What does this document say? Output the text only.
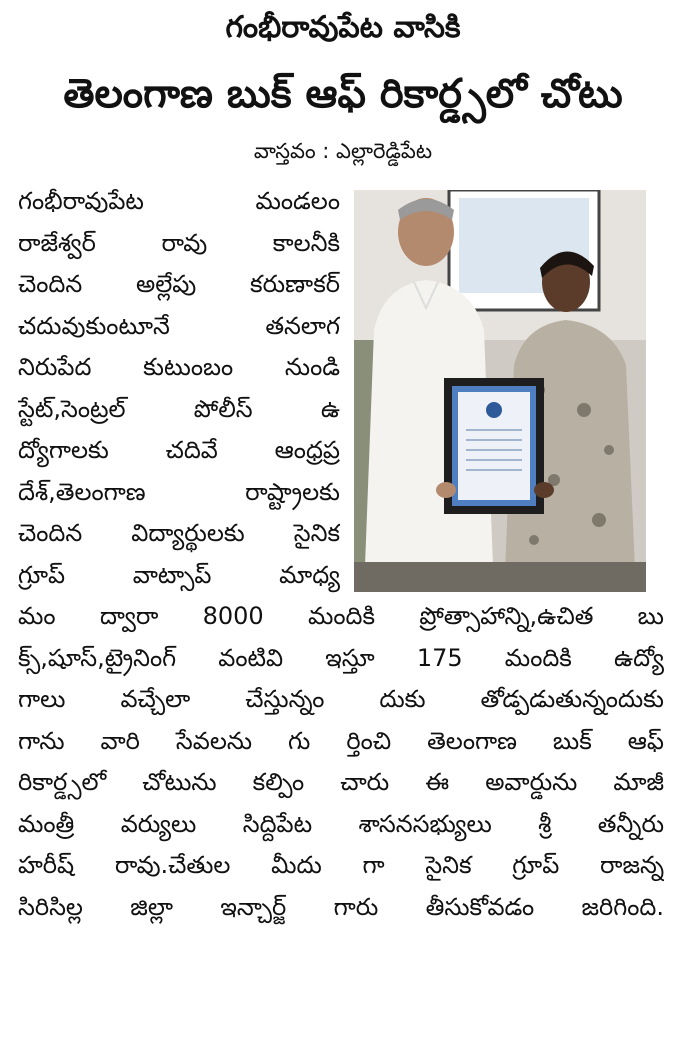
గంభీరావుపేట వాసికి
తెలంగాణ బుక్ ఆఫ్ రికార్డ్సలో చోటు
వాస్తవం : ఎల్లారెడ్డిపేట
గంభీరావుపేట మండలం
రాజేశ్వర్ రావు కాలనీకి
చెందిన అల్లేపు కరుణాకర్
చదువుకుంటూనే తనలాగ
నిరుపేద కుటుంబం నుండి
స్టేట్,సెంట్రల్ పోలీస్ ఉ
ద్యోగాలకు చదివే ఆంధ్రప్ర
దేశ్,తెలంగాణ రాష్ట్రాలకు
చెందిన విద్యార్థులకు సైనిక
గ్రూప్ వాట్సాప్ మాధ్య
మం ద్వారా 8000 మందికి ప్రోత్సాహాన్ని,ఉచిత బు
క్స్,షూస్,ట్రైనింగ్ వంటివి ఇస్తూ 175 మందికి ఉద్యో
గాలు వచ్చేలా చేస్తున్నం దుకు తోడ్పడుతున్నందుకు
గాను వారి సేవలను గు ర్తించి తెలంగాణ బుక్ ఆఫ్
రికార్డ్సలో చోటును కల్పిం చారు ఈ అవార్డును మాజీ
మంత్రీ వర్యులు సిద్దిపేట శాసనసభ్యులు శ్రీ తన్నీరు
హరీష్ రావు.చేతుల మీదు గా సైనిక గ్రూప్ రాజన్న
సిరిసిల్ల జిల్లా ఇన్చార్జ్ గారు తీసుకోవడం జరిగింది.
